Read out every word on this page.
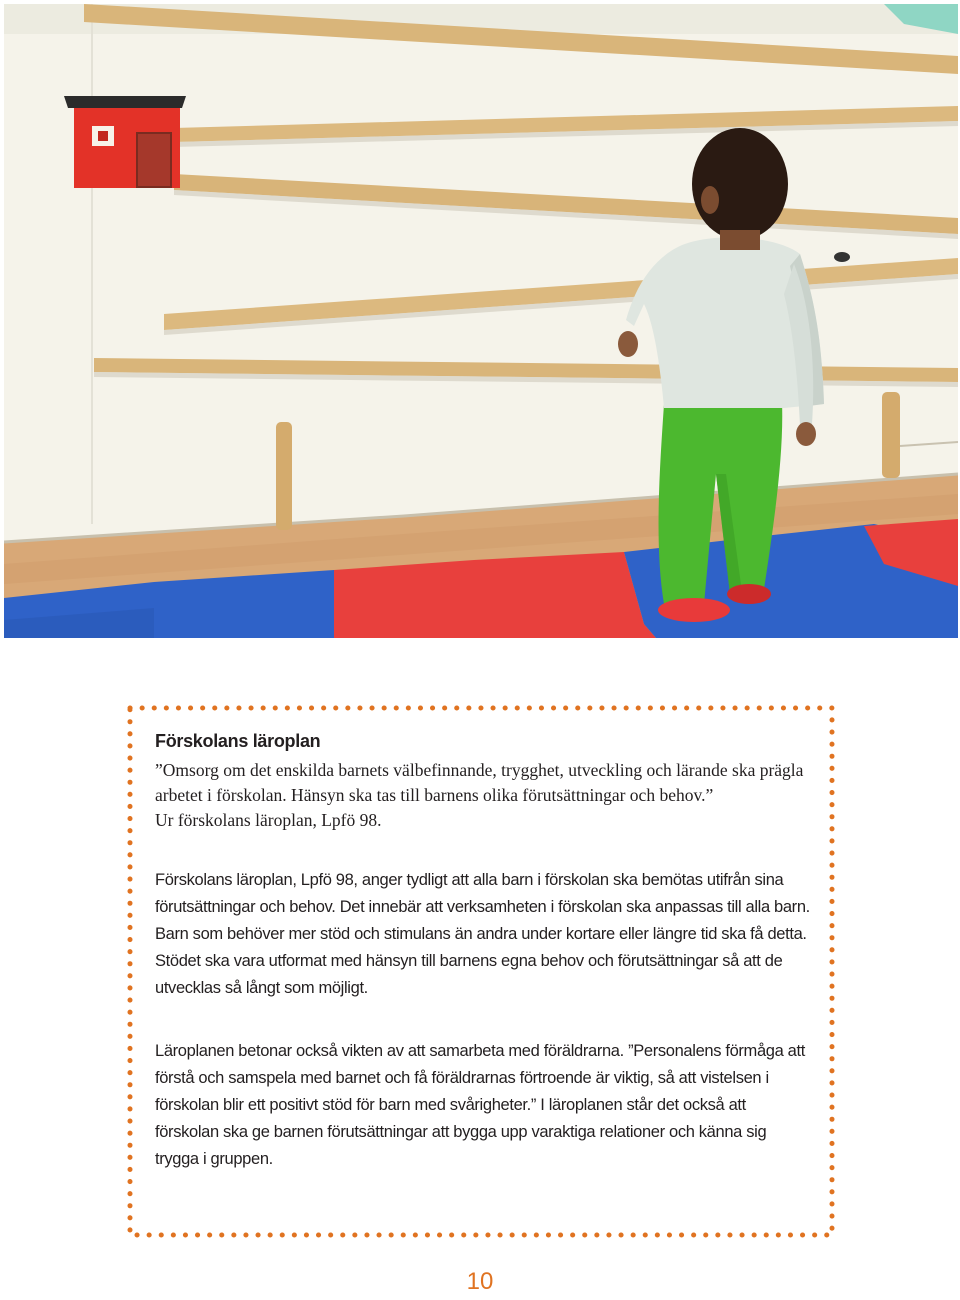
Förskolans läroplan

”Omsorg om det enskilda barnets välbefinnande, trygghet, utveckling och lärande ska prägla

arbetet i förskolan. Hänsyn ska tas till barnens olika förutsättningar och behov.”

Ur förskolans läroplan, Lpfö 98.

Förskolans läroplan, Lpfö 98, anger tydligt att alla barn i förskolan ska bemötas utifrån sina förutsättningar och behov. Det innebär att verksamheten i förskolan ska anpassas till alla barn. Barn som behöver mer stöd och stimulans än andra under kortare eller längre tid ska få detta. Stödet ska vara utformat med hänsyn till barnens egna behov och förutsättningar så att de utvecklas så långt som möjligt.

Läroplanen betonar också vikten av att samarbeta med föräldrarna. ”Personalens förmåga att förstå och samspela med barnet och få föräldrarnas förtroende är viktig, så att vistelsen i förskolan blir ett positivt stöd för barn med svårigheter.” I läroplanen står det också att förskolan ska ge barnen förutsättningar att bygga upp varaktiga relationer och känna sig trygga i gruppen.

10
